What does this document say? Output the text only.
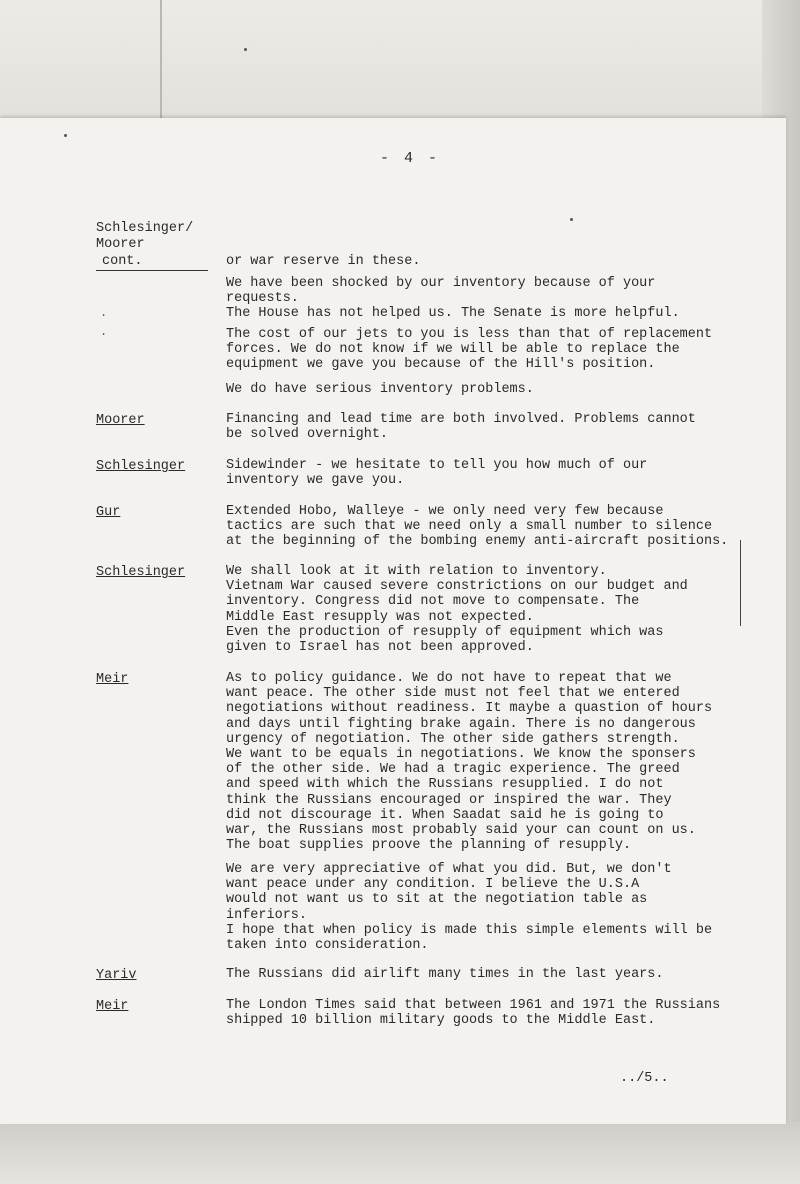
- 4 -
Schlesinger/
Moorer
cont.	or war reserve in these.

We have been shocked by our inventory because of your
requests.
The House has not helped us. The Senate is more helpful.

.

The cost of our jets to you is less than that of replacement
forces. We do not know if we will be able to replace the
equipment we gave you because of the Hill's position.

.

We do have serious inventory problems.

Moorer	Financing and lead time are both involved. Problems cannot
be solved overnight.

Schlesinger	Sidewinder - we hesitate to tell you how much of our
inventory we gave you.

Gur	Extended Hobo, Walleye - we only need very few because
tactics are such that we need only a small number to silence
at the beginning of the bombing enemy anti-aircraft positions.

Schlesinger	We shall look at it with relation to inventory.
Vietnam War caused severe constrictions on our budget and
inventory. Congress did not move to compensate. The
Middle East resupply was not expected.
Even the production of resupply of equipment which was
given to Israel has not been approved.

Meir	As to policy guidance. We do not have to repeat that we
want peace. The other side must not feel that we entered
negotiations without readiness. It maybe a quastion of hours
and days until fighting brake again. There is no dangerous
urgency of negotiation. The other side gathers strength.
We want to be equals in negotiations. We know the sponsers
of the other side. We had a tragic experience. The greed
and speed with which the Russians resupplied. I do not
think the Russians encouraged or inspired the war. They
did not discourage it. When Saadat said he is going to
war, the Russians most probably said your can count on us.
The boat supplies proove the planning of resupply.

We are very appreciative of what you did. But, we don't
want peace under any condition. I believe the U.S.A
would not want us to sit at the negotiation table as
inferiors.
I hope that when policy is made this simple elements will be
taken into consideration.

Yariv	The Russians did airlift many times in the last years.

Meir	The London Times said that between 1961 and 1971 the Russians
shipped 10 billion military goods to the Middle East.

../5..
